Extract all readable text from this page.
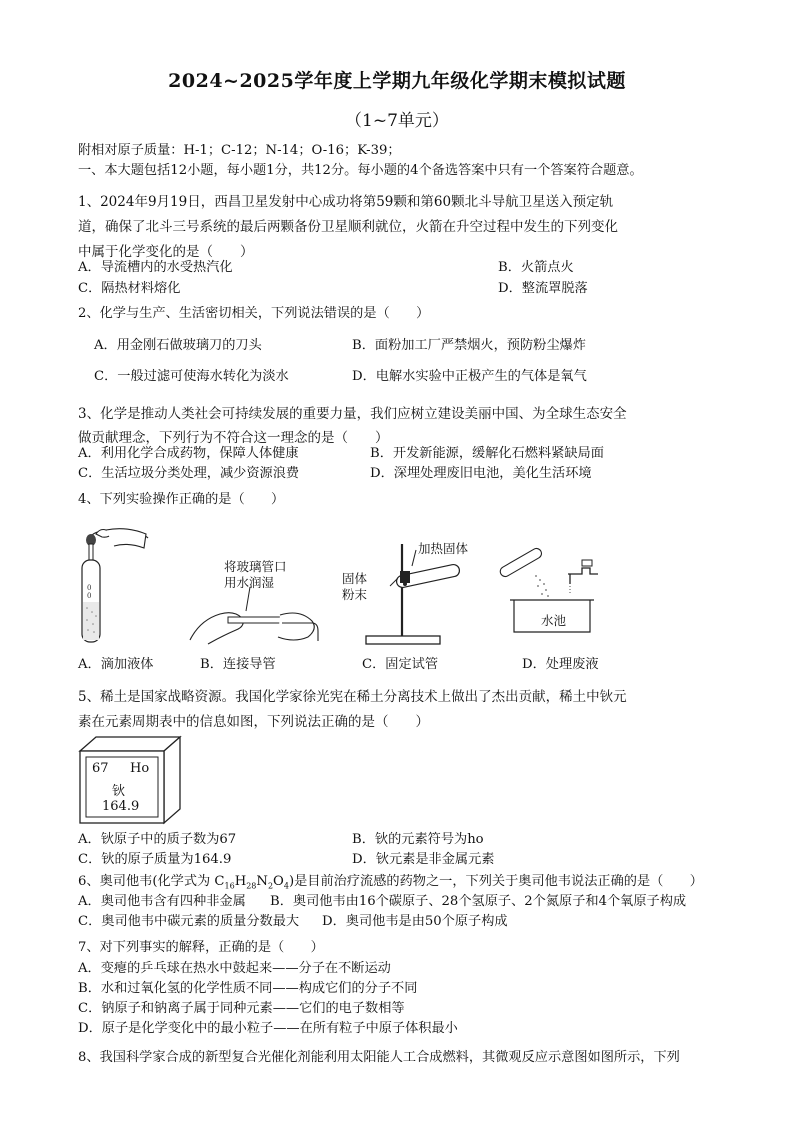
2024~2025学年度上学期九年级化学期末模拟试题
（1~7单元）
附相对原子质量：H-1；C-12；N-14；O-16；K-39；
一、本大题包括12小题，每小题1分，共12分。每小题的4个备选答案中只有一个答案符合题意。
1、2024年9月19日，西昌卫星发射中心成功将第59颗和第60颗北斗导航卫星送入预定轨
道，确保了北斗三号系统的最后两颗备份卫星顺利就位，火箭在升空过程中发生的下列变化
中属于化学变化的是（　　）
A．导流槽内的水受热汽化	B．火箭点火
C．隔热材料熔化	D．整流罩脱落
2、化学与生产、生活密切相关，下列说法错误的是（　　）
A．用金刚石做玻璃刀的刀头	B．面粉加工厂严禁烟火，预防粉尘爆炸
C．一般过滤可使海水转化为淡水	D．电解水实验中正极产生的气体是氧气
3、化学是推动人类社会可持续发展的重要力量，我们应树立建设美丽中国、为全球生态安全
做贡献理念，下列行为不符合这一理念的是（　　）
A．利用化学合成药物，保障人体健康	B．开发新能源，缓解化石燃料紧缺局面
C．生活垃圾分类处理，减少资源浪费	D．深埋处理废旧电池，美化生活环境
4、下列实验操作正确的是（　　）
0
0
将玻璃管口
用水润湿
加热固体
固体
粉末
水池
A．滴加液体	B．连接导管	C．固定试管	D．处理废液
5、稀土是国家战略资源。我国化学家徐光宪在稀土分离技术上做出了杰出贡献，稀土中钬元
素在元素周期表中的信息如图，下列说法正确的是（　　）
67 Ho
钬
164.9
A．钬原子中的质子数为67	B．钬的元素符号为ho
C．钬的原子质量为164.9	D．钬元素是非金属元素
6、奥司他韦(化学式为 $C_{16}H_{28}N_2O_4$)是目前治疗流感的药物之一，下列关于奥司他韦说法正确的是（　　）
A．奥司他韦含有四种非金属 B．奥司他韦由16个碳原子、28个氢原子、2个氮原子和4个氧原子构成
C．奥司他韦中碳元素的质量分数最大 D．奥司他韦是由50个原子构成
7、对下列事实的解释，正确的是（　　）
A．变瘪的乒乓球在热水中鼓起来——分子在不断运动
B．水和过氧化氢的化学性质不同——构成它们的分子不同
C．钠原子和钠离子属于同种元素——它们的电子数相等
D．原子是化学变化中的最小粒子——在所有粒子中原子体积最小
8、我国科学家合成的新型复合光催化剂能利用太阳能人工合成燃料，其微观反应示意图如图所示，下列
